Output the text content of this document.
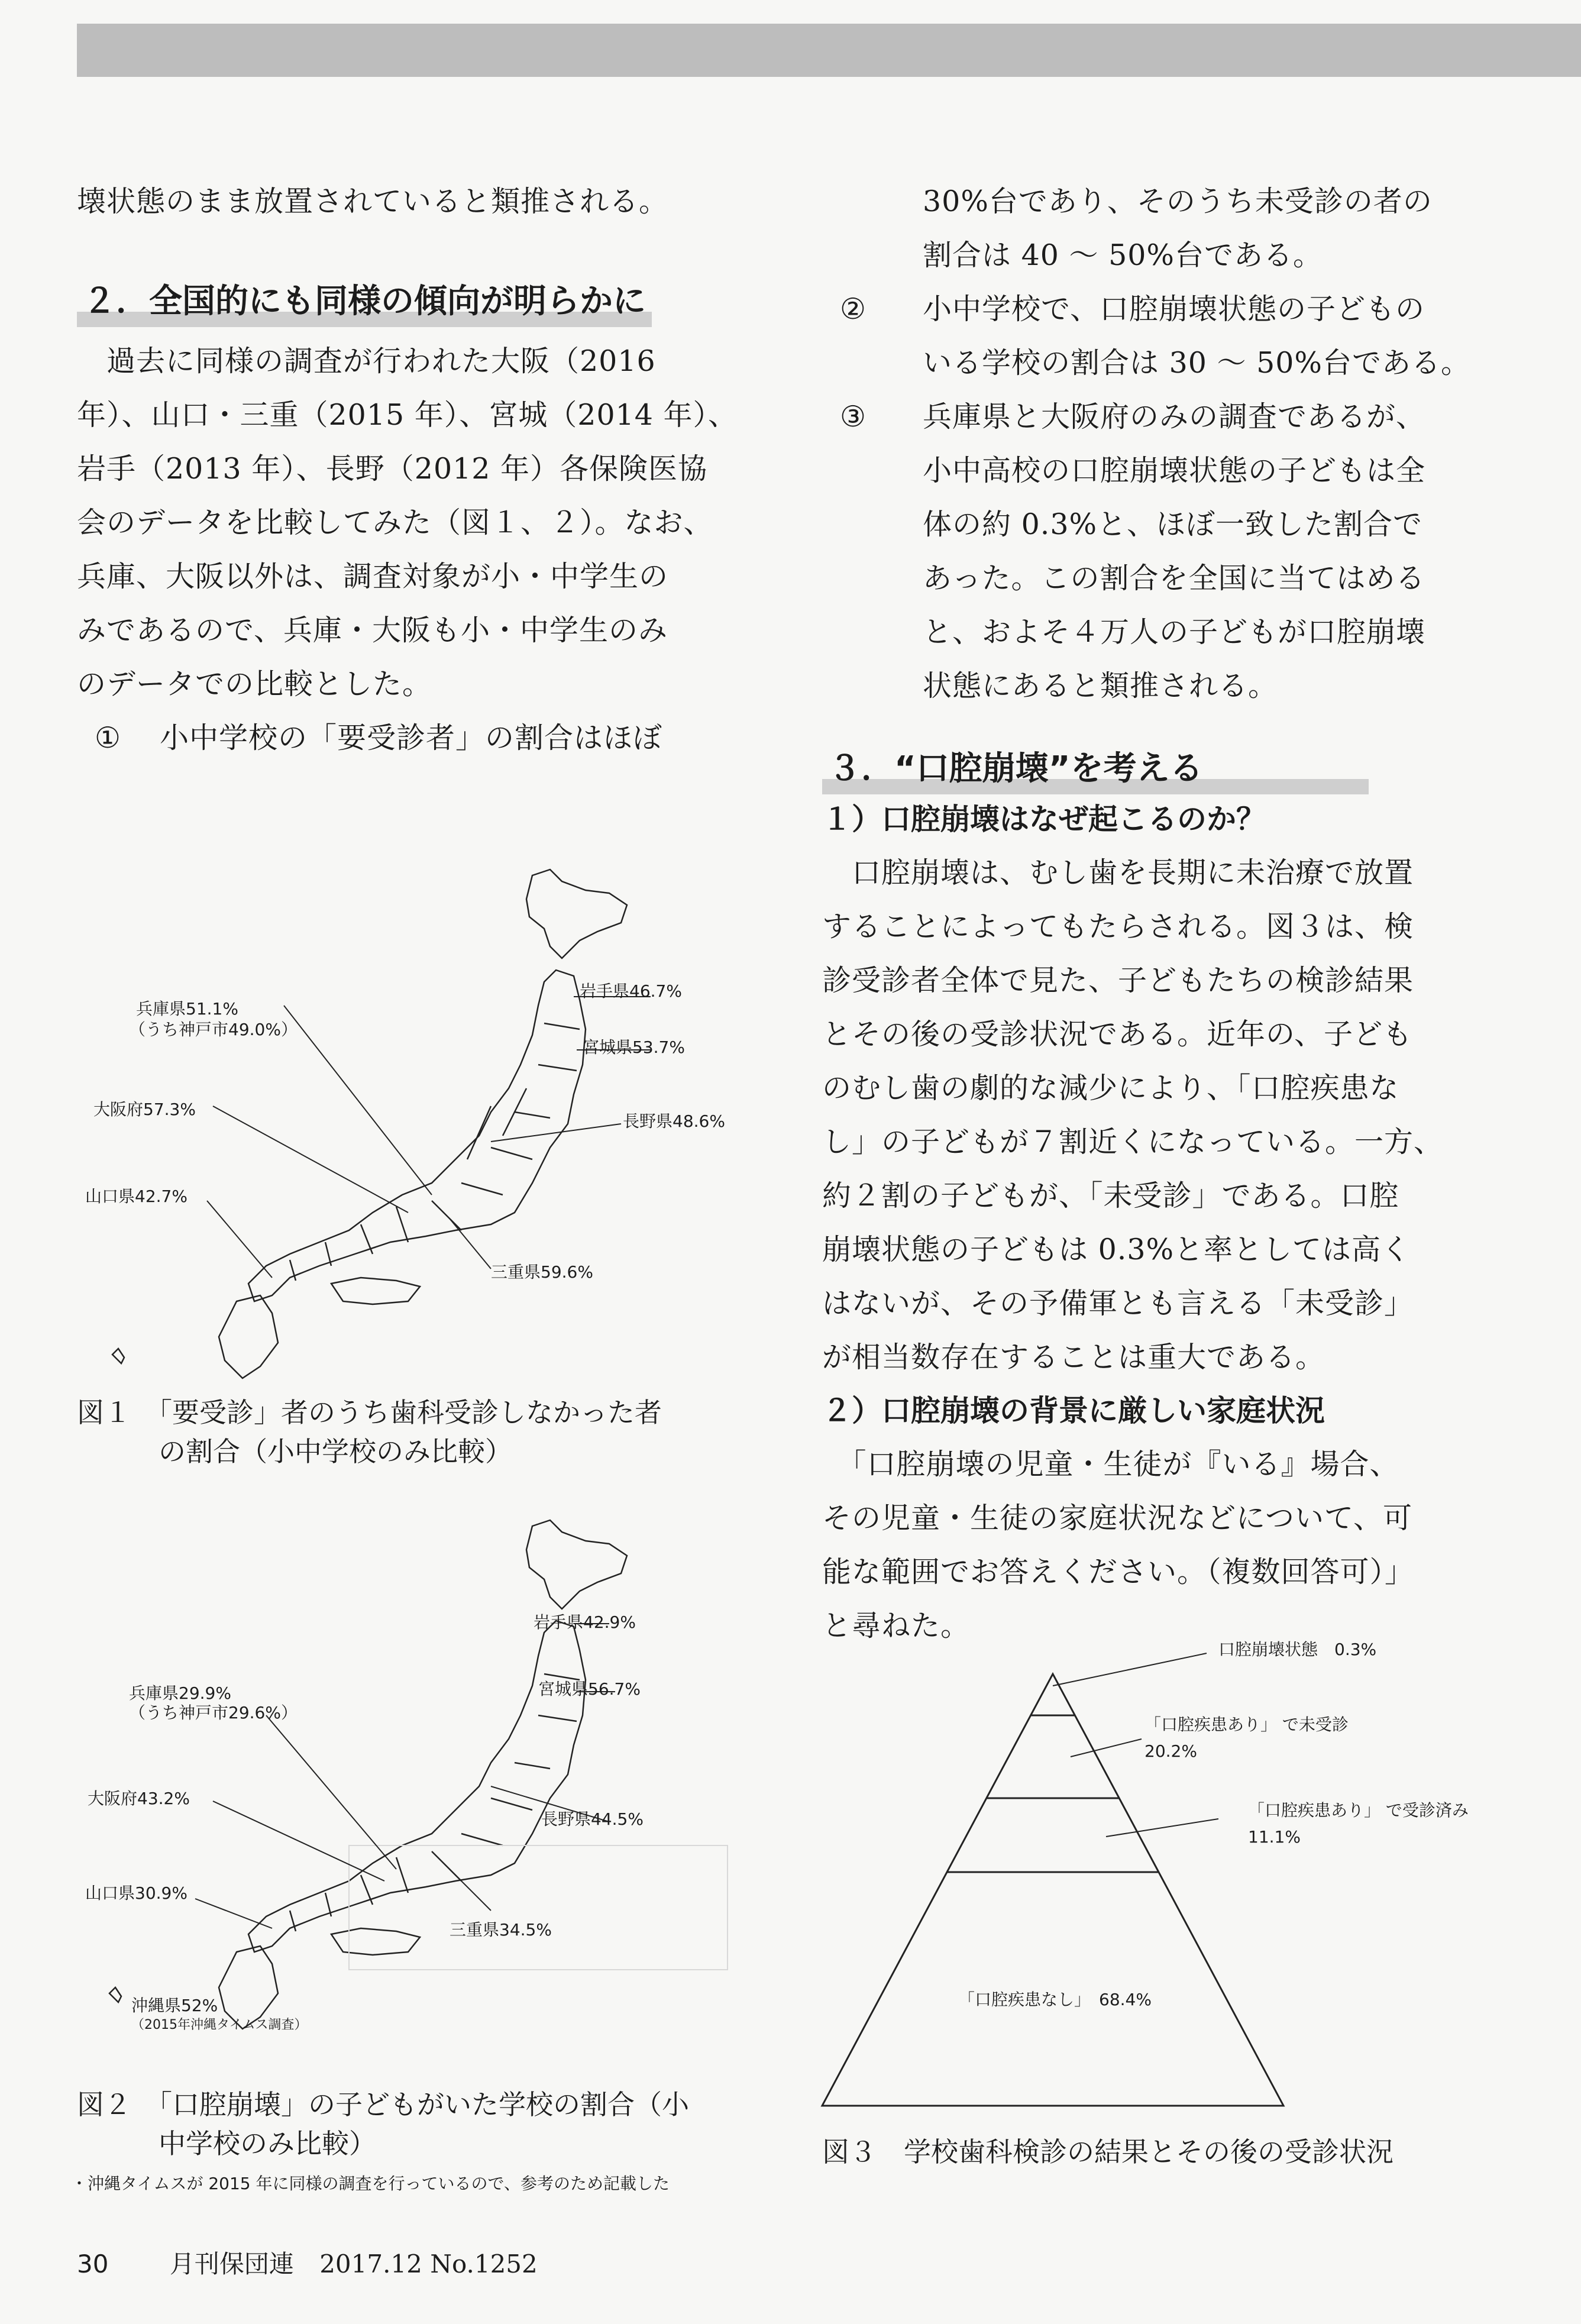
壊状態のまま放置されていると類推される。

２．全国的にも同様の傾向が明らかに

　過去に同様の調査が行われた大阪（2016

年）、山口・三重（2015 年）、宮城（2014 年）、

岩手（2013 年）、長野（2012 年）各保険医協

会のデータを比較してみた（図１、２）。なお、

兵庫、大阪以外は、調査対象が小・中学生の

みであるので、兵庫・大阪も小・中学生のみ

のデータでの比較とした。

①	小中学校の「要受診者」の割合はほぼ
兵庫県51.1%
（うち神戸市49.0%）
大阪府57.3%
山口県42.7%
岩手県46.7%
宮城県53.7%
長野県48.6%
三重県59.6%
図１　「要受診」者のうち歯科受診しなかった者
　　　の割合（小中学校のみ比較）
兵庫県29.9%
（うち神戸市29.6%）
大阪府43.2%
山口県30.9%
岩手県42.9%
宮城県56.7%
長野県44.5%
三重県34.5%
沖縄県52%
（2015年沖縄タイムス調査）
図２　「口腔崩壊」の子どもがいた学校の割合（小
　　　中学校のみ比較）
・沖縄タイムスが 2015 年に同様の調査を行っているので、参考のため記載した

30%台であり、そのうち未受診の者の

割合は 40 ～ 50%台である。

②	小中学校で、口腔崩壊状態の子どもの
いる学校の割合は 30 ～ 50%台である。
③	兵庫県と大阪府のみの調査であるが、
小中高校の口腔崩壊状態の子どもは全
体の約 0.3%と、ほぼ一致した割合で
あった。この割合を全国に当てはめる
と、およそ４万人の子どもが口腔崩壊
状態にあると類推される。
３．“口腔崩壊”を考える

１）口腔崩壊はなぜ起こるのか？

　口腔崩壊は、むし歯を長期に未治療で放置

することによってもたらされる。図３は、検

診受診者全体で見た、子どもたちの検診結果

とその後の受診状況である。近年の、子ども

のむし歯の劇的な減少により、「口腔疾患な

し」の子どもが７割近くになっている。一方、

約２割の子どもが、「未受診」である。口腔

崩壊状態の子どもは 0.3%と率としては高く

はないが、その予備軍とも言える「未受診」

が相当数存在することは重大である。

２）口腔崩壊の背景に厳しい家庭状況

　「口腔崩壊の児童・生徒が『いる』場合、

その児童・生徒の家庭状況などについて、可

能な範囲でお答えください。（複数回答可）」

と尋ねた。

口腔崩壊状態　 0.3%
「口腔疾患あり」 で未受診
20.2%
「口腔疾患あり」 で受診済み
11.1%
「口腔疾患なし」　 68.4%
図３　学校歯科検診の結果とその後の受診状況
30 月刊保団連 2017.12 No.1252
